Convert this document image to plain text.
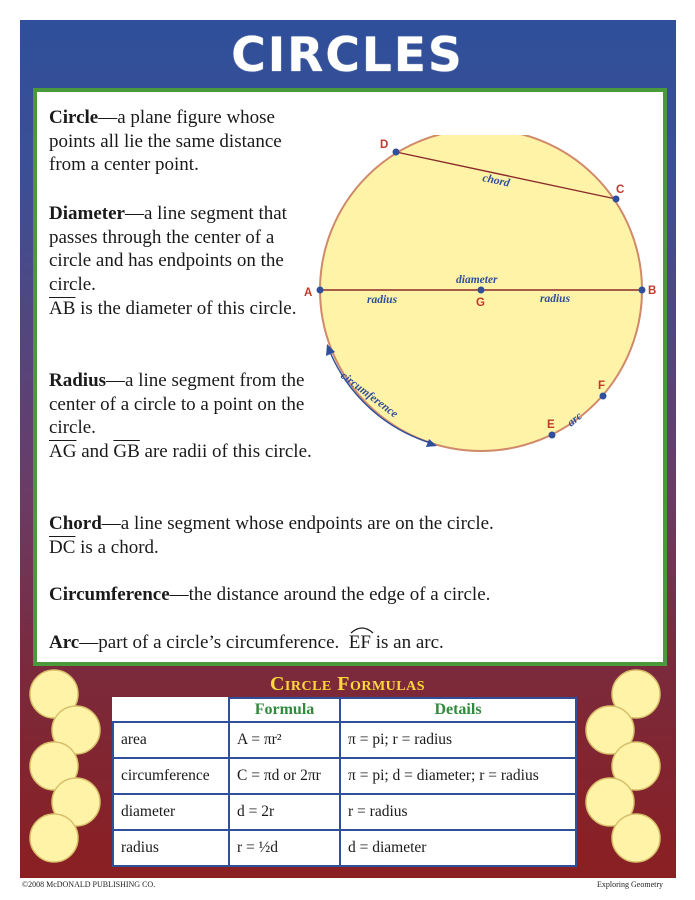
CIRCLES
Circle—a plane figure whose points all lie the same distance from a center point.
Diameter—a line segment that passes through the center of a circle and has endpoints on the circle.
$\overline{AB}$ is the diameter of this circle.
Radius—a line segment from the center of a circle to a point on the circle.
$\overline{AG}$ and $\overline{GB}$ are radii of this circle.
Chord—a line segment whose endpoints are on the circle.
$\overline{DC}$ is a chord.
Circumference—the distance around the edge of a circle.
Arc—part of a circle’s circumference. EF is an arc.
A	B
C
D
E
F
G
chord
diameter
radius	radius
circumference	arc
Circle Formulas
	Formula	Details
area	A = πr²	π = pi; r = radius
circumference	C = πd or 2πr	π = pi; d = diameter; r = radius
diameter	d = 2r	r = radius
radius	r = ½d	d = diameter
©2008 McDONALD PUBLISHING CO.	Exploring Geometry
